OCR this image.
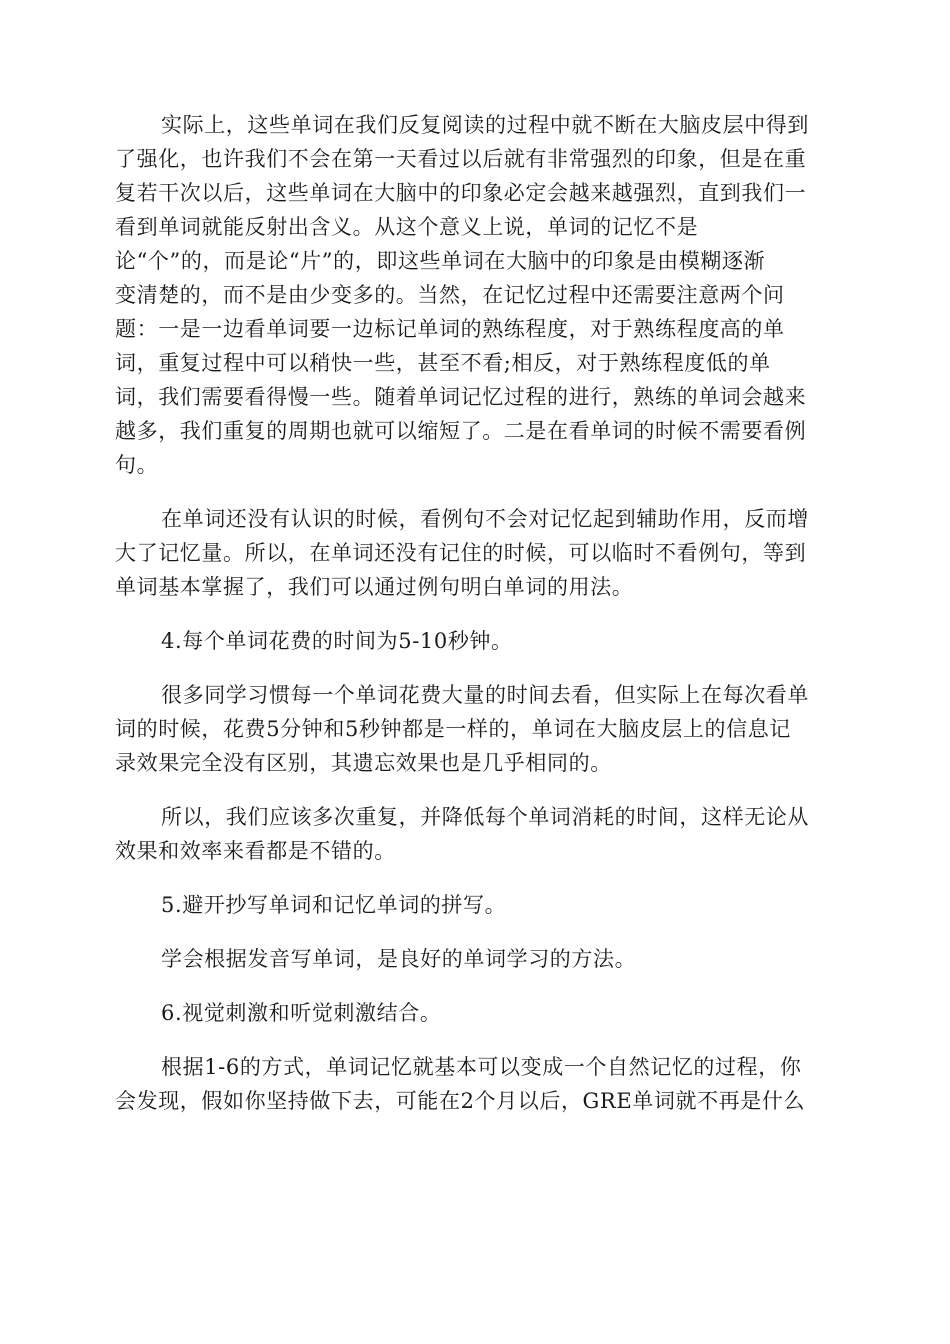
实际上，这些单词在我们反复阅读的过程中就不断在大脑皮层中得到
了强化，也许我们不会在第一天看过以后就有非常强烈的印象，但是在重
复若干次以后，这些单词在大脑中的印象必定会越来越强烈，直到我们一
看到单词就能反射出含义。从这个意义上说，单词的记忆不是
论“个”的，而是论“片”的，即这些单词在大脑中的印象是由模糊逐渐
变清楚的，而不是由少变多的。当然，在记忆过程中还需要注意两个问
题：一是一边看单词要一边标记单词的熟练程度，对于熟练程度高的单
词，重复过程中可以稍快一些，甚至不看;相反，对于熟练程度低的单
词，我们需要看得慢一些。随着单词记忆过程的进行，熟练的单词会越来
越多，我们重复的周期也就可以缩短了。二是在看单词的时候不需要看例
句。
在单词还没有认识的时候，看例句不会对记忆起到辅助作用，反而增
大了记忆量。所以，在单词还没有记住的时候，可以临时不看例句，等到
单词基本掌握了，我们可以通过例句明白单词的用法。
4.每个单词花费的时间为5-10秒钟。
很多同学习惯每一个单词花费大量的时间去看，但实际上在每次看单
词的时候，花费5分钟和5秒钟都是一样的，单词在大脑皮层上的信息记
录效果完全没有区别，其遗忘效果也是几乎相同的。
所以，我们应该多次重复，并降低每个单词消耗的时间，这样无论从
效果和效率来看都是不错的。
5.避开抄写单词和记忆单词的拼写。
学会根据发音写单词，是良好的单词学习的方法。
6.视觉刺激和听觉刺激结合。
根据1-6的方式，单词记忆就基本可以变成一个自然记忆的过程，你
会发现，假如你坚持做下去，可能在2个月以后，GRE单词就不再是什么
